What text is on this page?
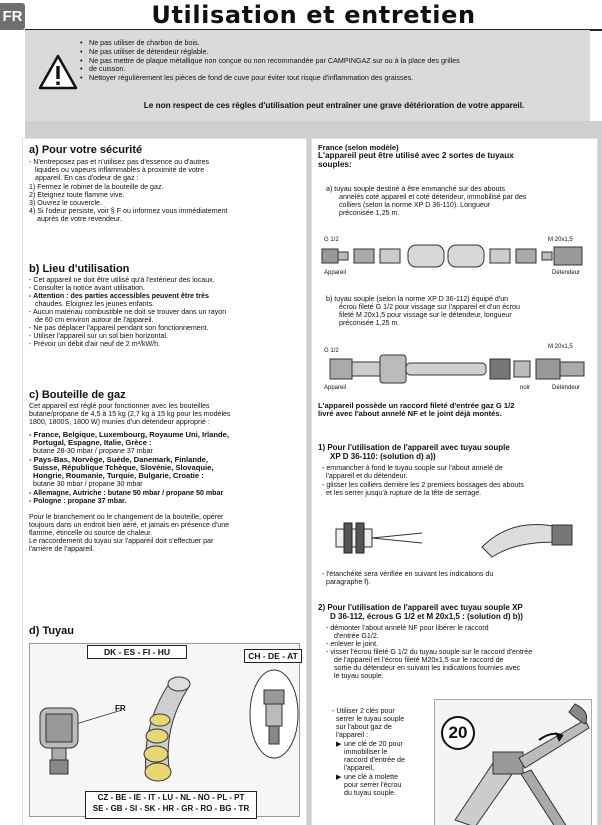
FR	Utilisation et entretien
• Ne pas utiliser de charbon de bois.
• Ne pas utiliser de détendeur réglable.
• Ne pas mettre de plaque métallique non conçue ou non recommandée par CAMPINGAZ sur ou à la place des grilles
• de cuisson.
• Nettoyer régulièrement les pièces de fond de cuve pour éviter tout risque d'inflammation des graisses.
Le non respect de ces règles d'utilisation peut entraîner une grave détérioration de votre appareil.
a) Pour votre sécurité
- N'entreposez pas et n'utilisez pas d'essence ou d'autres
liquides ou vapeurs inflammables à proximité de votre
appareil. En cas d'odeur de gaz :
1) Fermez le robinet de la bouteille de gaz.
2) Eteignez toute flamme vive.
3) Ouvrez le couvercle.
4) Si l'odeur persiste, voir § F ou informez vous immédiatement
auprès de votre revendeur.
b) Lieu d'utilisation
- Cet appareil ne doit être utilisé qu'à l'extérieur des locaux.
- Consulter la notice avant utilisation.
- Attention : des parties accessibles peuvent être très
chaudes. Eloignez les jeunes enfants.
- Aucun matériau combustible ne doit se trouver dans un rayon
de 60 cm environ autour de l'appareil.
- Ne pas déplacer l'appareil pendant son fonctionnement.
- Utiliser l'appareil sur un sol bien horizontal.
- Prévoir un débit d'air neuf de 2 m³/kW/h.
c) Bouteille de gaz
Cet appareil est réglé pour fonctionner avec les bouteilles
butane/propane de 4,5 à 15 kg (2,7 kg à 15 kg pour les modèles
1800, 1800S, 1800 W) munies d'un détendeur approprié :
- France, Belgique, Luxembourg, Royaume Uni, Irlande,
Portugal, Espagne, Italie, Grèce :
butane 28-30 mbar / propane 37 mbar
- Pays-Bas, Norvège, Suède, Danemark, Finlande,
Suisse, République Tchèque, Slovénie, Slovaquie,
Hongrie, Roumanie, Turquie, Bulgarie, Croatie :
butane 30 mbar / propane 30 mbar
- Allemagne, Autriche : butane 50 mbar / propane 50 mbar
- Pologne : propane 37 mbar.
Pour le branchement ou le changement de la bouteille, opérer
toujours dans un endroit bien aéré, et jamais en présence d'une
flamme, étincelle ou source de chaleur.
Le raccordement du tuyau sur l'appareil doit s'effectuer par
l'arrière de l'appareil.
d) Tuyau
DK - ES - FI - HU	CH - DE - AT
FR
CZ - BE - IE - IT - LU - NL - NO - PL - PT
SE - GB - SI - SK - HR - GR - RO - BG - TR
France (selon modèle)
L'appareil peut être utilisé avec 2 sortes de tuyaux
souples:
a) tuyau souple destiné à être emmanché sur des abouts
annelés coté appareil et coté détendeur, immobilisé par des
colliers (selon la norme XP D 36-110). Longueur
préconisée 1,25 m.
G 1/2	M 20x1,5
Appareil	Détendeur
b) tuyau souple (selon la norme XP D 36-112) équipé d'un
écrou fileté G 1/2 pour vissage sur l'appareil et d'un écrou
fileté M 20x1,5 pour vissage sur le détendeur, longueur
préconisée 1,25 m.
G 1/2
M 20x1,5
Appareil	noir	Détendeur
L'appareil possède un raccord fileté d'entrée gaz G 1/2
livré avec l'about annelé NF et le joint déjà montés.
1) Pour l'utilisation de l'appareil avec tuyau souple
XP D 36-110: (solution d) a))
- emmancher à fond le tuyau souple sur l'about annelé de
l'appareil et du détendeur.
- glisser les colliers derrière les 2 premiers bossages des abouts
et les serrer jusqu'à rupture de la tête de serrage.
- l'étanchéité sera vérifiée en suivant les indications du
paragraphe f).
2) Pour l'utilisation de l'appareil avec tuyau souple XP
D 36-112, écrous G 1/2 et M 20x1,5 : (solution d) b))
- démonter l'about annelé NF pour libérer le raccord
d'entrée G1/2.
- enlever le joint.
- visser l'écrou fileté G 1/2 du tuyau souple sur le raccord d'entrée
de l'appareil et l'écrou fileté M20x1,5 sur le raccord de
sortie du détendeur en suivant les indications fournies avec
le tuyau souple.
- Utiliser 2 clés pour
serrer le tuyau souple
sur l'about gaz de
l'appareil :
▶ une clé de 20 pour
immobiliser le
raccord d'entrée de
l'appareil,
▶ une clé à molette
pour serrer l'écrou
du tuyau souple.
20
